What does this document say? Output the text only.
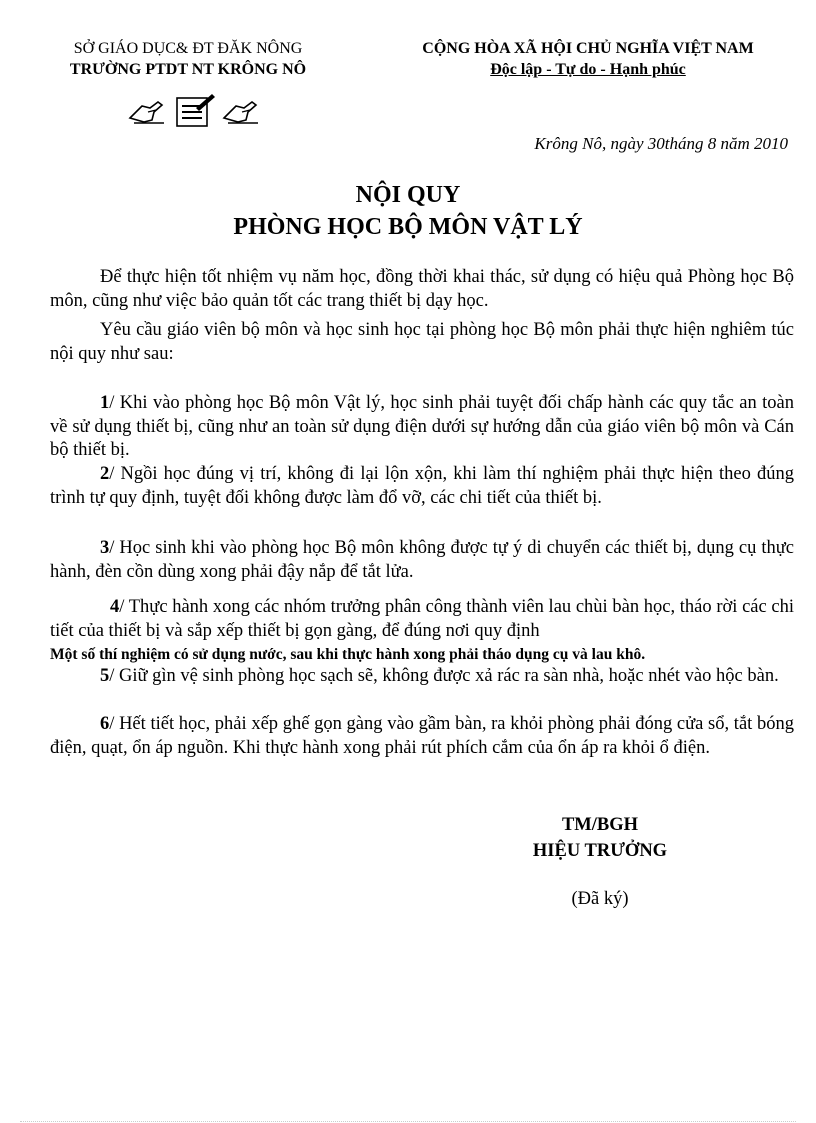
SỞ GIÁO DỤC& ĐT ĐĂK NÔNG
TRƯỜNG PTDT NT KRÔNG NÔ
CỘNG HÒA XÃ HỘI CHỦ NGHĨA VIỆT NAM
Độc lập - Tự do - Hạnh phúc
Krông Nô, ngày 30tháng 8 năm 2010
NỘI QUY
PHÒNG HỌC BỘ MÔN VẬT LÝ

Để thực hiện tốt nhiệm vụ năm học, đồng thời khai thác, sử dụng có hiệu quả Phòng học Bộ môn, cũng như việc bảo quản tốt các trang thiết bị dạy học.

Yêu cầu giáo viên bộ môn và học sinh học tại phòng học Bộ môn phải thực hiện nghiêm túc nội quy như sau:

1/ Khi vào phòng học Bộ môn Vật lý, học sinh phải tuyệt đối chấp hành các quy tắc an toàn về sử dụng thiết bị, cũng như an toàn sử dụng điện dưới sự hướng dẫn của giáo viên bộ môn và Cán bộ thiết bị.

2/ Ngồi học đúng vị trí, không đi lại lộn xộn, khi làm thí nghiệm phải thực hiện theo đúng trình tự quy định, tuyệt đối không được làm đổ vỡ, các chi tiết của thiết bị.

3/ Học sinh khi vào phòng học Bộ môn không được tự ý di chuyển các thiết bị, dụng cụ thực hành, đèn cồn dùng xong phải đậy nắp để tắt lửa.

4/ Thực hành xong các nhóm trưởng phân công thành viên lau chùi bàn học, tháo rời các chi tiết của thiết bị và sắp xếp thiết bị gọn gàng, để đúng nơi quy định

Một số thí nghiệm có sử dụng nước, sau khi thực hành xong phải tháo dụng cụ và lau khô.

5/ Giữ gìn vệ sinh phòng học sạch sẽ, không được xả rác ra sàn nhà, hoặc nhét vào hộc bàn.

6/ Hết tiết học, phải xếp ghế gọn gàng vào gầm bàn, ra khỏi phòng phải đóng cửa sổ, tắt bóng điện, quạt, ổn áp nguồn. Khi thực hành xong phải rút phích cắm của ổn áp ra khỏi ổ điện.

TM/BGH
HIỆU TRƯỞNG
(Đã ký)
